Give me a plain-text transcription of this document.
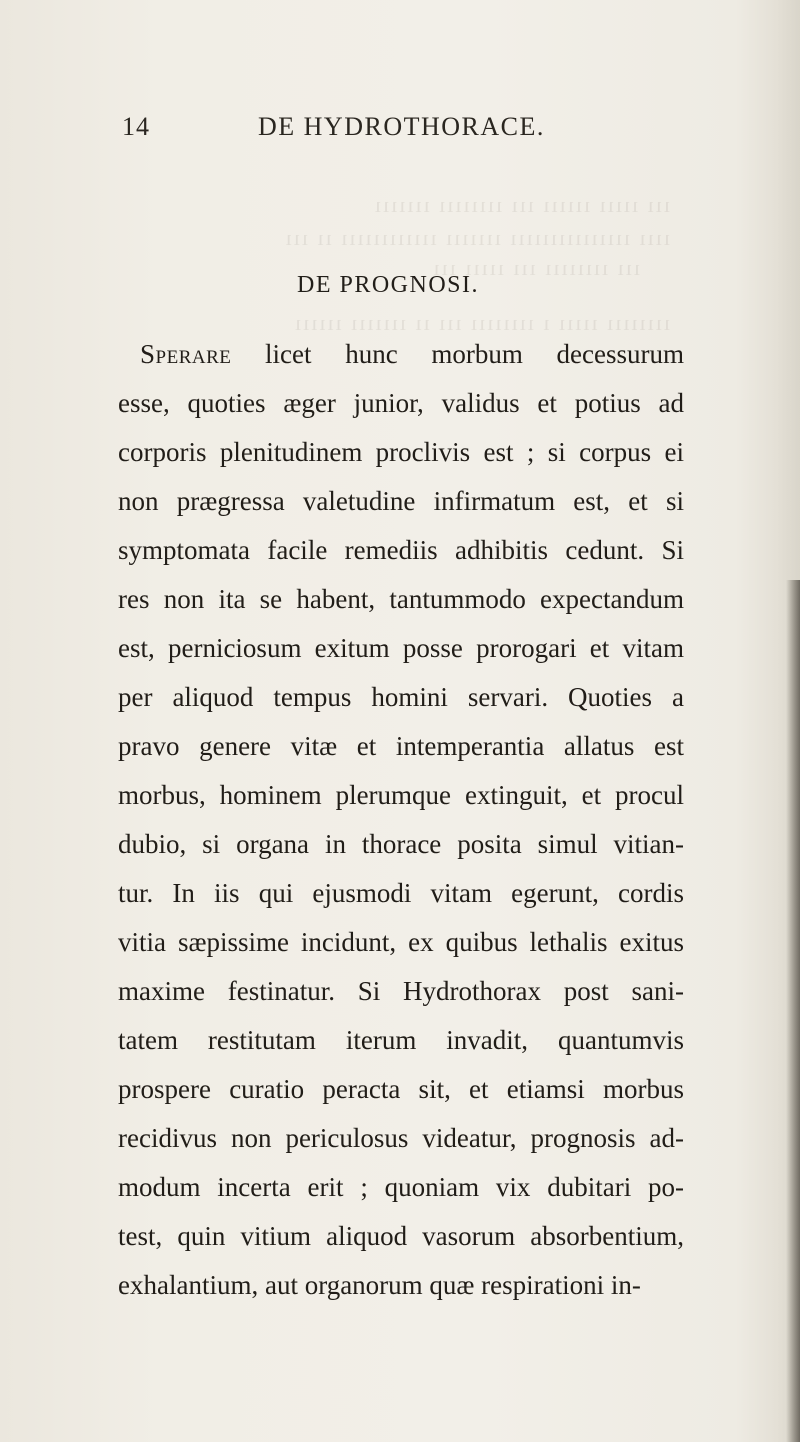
ııı ııııı ıııııı ııı ıııııııı ııııııı
ıııı ııııııııııııııı ııııııı ıııııııııııı ıı ııı
ııı ıııııııı ııı ııııı ııı
ıııııııı ııııı ı ıııııııı ııı ıı ııııııı ıııııı
14	DE HYDROTHORACE.
DE PROGNOSI.
Sperare licet hunc morbum decessurum
esse, quoties æger junior, validus et potius ad
corporis plenitudinem proclivis est ; si corpus ei
non prægressa valetudine infirmatum est, et si
symptomata facile remediis adhibitis cedunt. Si
res non ita se habent, tantummodo expectandum
est, perniciosum exitum posse prorogari et vitam
per aliquod tempus homini servari. Quoties a
pravo genere vitæ et intemperantia allatus est
morbus, hominem plerumque extinguit, et procul
dubio, si organa in thorace posita simul vitian-
tur. In iis qui ejusmodi vitam egerunt, cordis
vitia sæpissime incidunt, ex quibus lethalis exitus
maxime festinatur. Si Hydrothorax post sani-
tatem restitutam iterum invadit, quantumvis
prospere curatio peracta sit, et etiamsi morbus
recidivus non periculosus videatur, prognosis ad-
modum incerta erit ; quoniam vix dubitari po-
test, quin vitium aliquod vasorum absorbentium,
exhalantium, aut organorum quæ respirationi in-
